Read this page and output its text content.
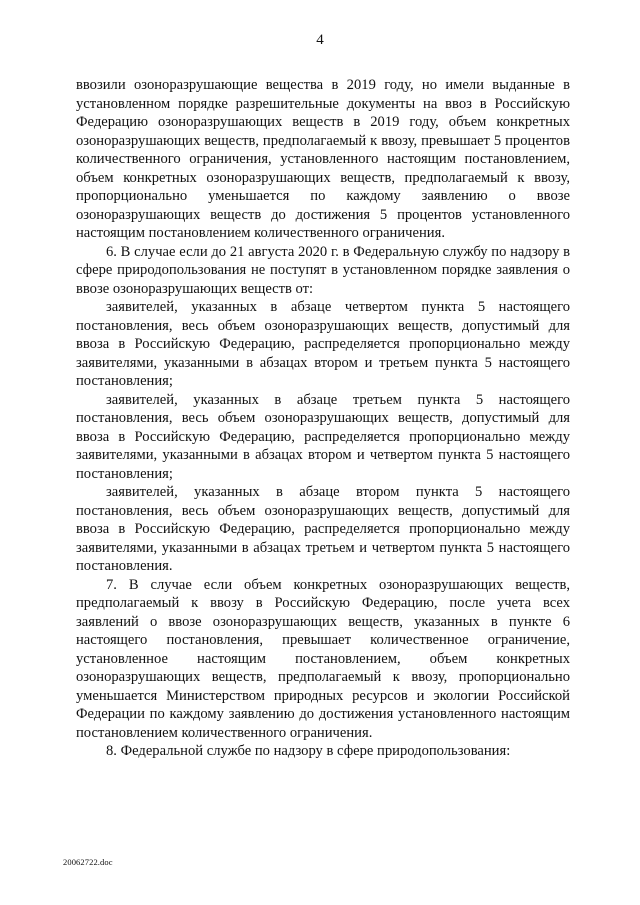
4

ввозили озоноразрушающие вещества в 2019 году, но имели выданные в установленном порядке разрешительные документы на ввоз в Российскую Федерацию озоноразрушающих веществ в 2019 году, объем конкретных озоноразрушающих веществ, предполагаемый к ввозу, превышает 5 процентов количественного ограничения, установленного настоящим постановлением, объем конкретных озоноразрушающих веществ, предполагаемый к ввозу, пропорционально уменьшается по каждому заявлению о ввозе озоноразрушающих веществ до достижения 5 процентов установленного настоящим постановлением количественного ограничения.

6. В случае если до 21 августа 2020 г. в Федеральную службу по надзору в сфере природопользования не поступят в установленном порядке заявления о ввозе озоноразрушающих веществ от:

заявителей, указанных в абзаце четвертом пункта 5 настоящего постановления, весь объем озоноразрушающих веществ, допустимый для ввоза в Российскую Федерацию, распределяется пропорционально между заявителями, указанными в абзацах втором и третьем пункта 5 настоящего постановления;

заявителей, указанных в абзаце третьем пункта 5 настоящего постановления, весь объем озоноразрушающих веществ, допустимый для ввоза в Российскую Федерацию, распределяется пропорционально между заявителями, указанными в абзацах втором и четвертом пункта 5 настоящего постановления;

заявителей, указанных в абзаце втором пункта 5 настоящего постановления, весь объем озоноразрушающих веществ, допустимый для ввоза в Российскую Федерацию, распределяется пропорционально между заявителями, указанными в абзацах третьем и четвертом пункта 5 настоящего постановления.

7. В случае если объем конкретных озоноразрушающих веществ, предполагаемый к ввозу в Российскую Федерацию, после учета всех заявлений о ввозе озоноразрушающих веществ, указанных в пункте 6 настоящего постановления, превышает количественное ограничение, установленное настоящим постановлением, объем конкретных озоноразрушающих веществ, предполагаемый к ввозу, пропорционально уменьшается Министерством природных ресурсов и экологии Российской Федерации по каждому заявлению до достижения установленного настоящим постановлением количественного ограничения.

8. Федеральной службе по надзору в сфере природопользования:

20062722.doc
